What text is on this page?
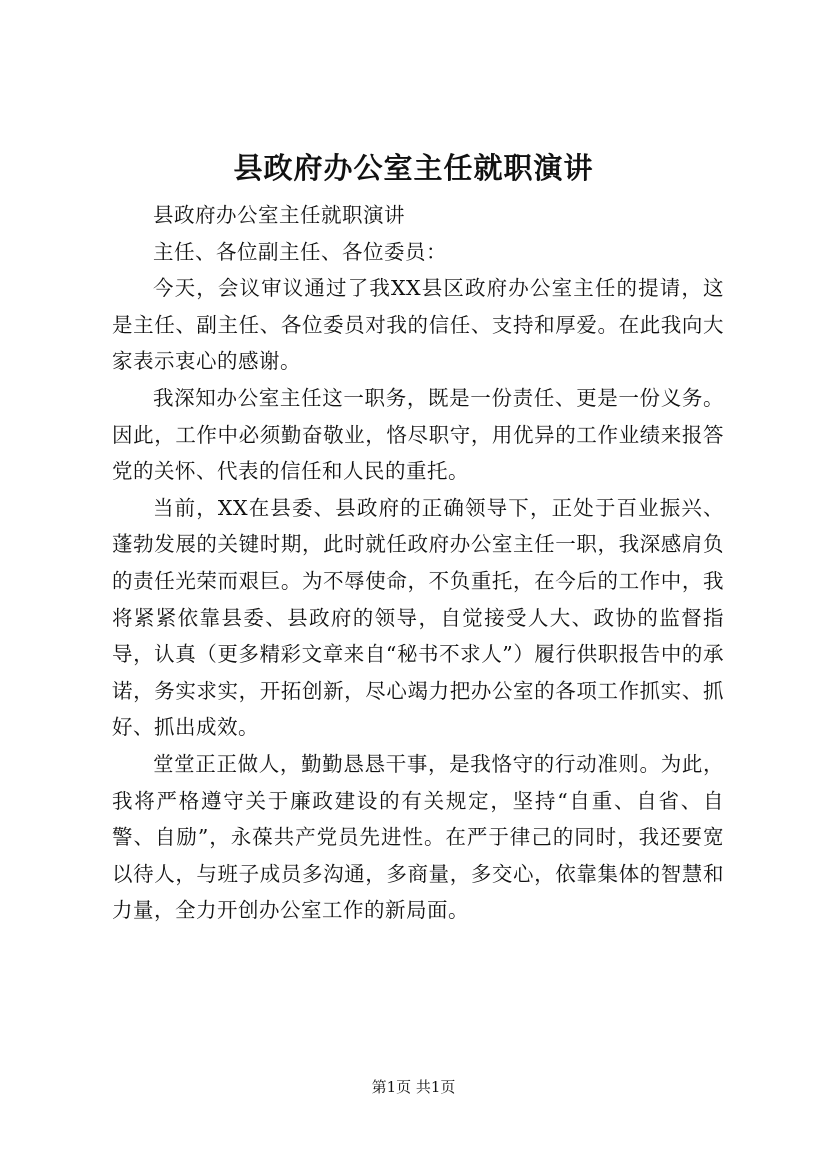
县政府办公室主任就职演讲

县政府办公室主任就职演讲

主任、各位副主任、各位委员：

今天，会议审议通过了我XX县区政府办公室主任的提请，这是主任、副主任、各位委员对我的信任、支持和厚爱。在此我向大家表示衷心的感谢。

我深知办公室主任这一职务，既是一份责任、更是一份义务。因此，工作中必须勤奋敬业，恪尽职守，用优异的工作业绩来报答党的关怀、代表的信任和人民的重托。

当前，XX在县委、县政府的正确领导下，正处于百业振兴、蓬勃发展的关键时期，此时就任政府办公室主任一职，我深感肩负的责任光荣而艰巨。为不辱使命，不负重托，在今后的工作中，我将紧紧依靠县委、县政府的领导，自觉接受人大、政协的监督指导，认真（更多精彩文章来自“秘书不求人”）履行供职报告中的承诺，务实求实，开拓创新，尽心竭力把办公室的各项工作抓实、抓好、抓出成效。

堂堂正正做人，勤勤恳恳干事，是我恪守的行动准则。为此，我将严格遵守关于廉政建设的有关规定，坚持“自重、自省、自警、自励”，永葆共产党员先进性。在严于律己的同时，我还要宽以待人，与班子成员多沟通，多商量，多交心，依靠集体的智慧和力量，全力开创办公室工作的新局面。

第1页 共1页
